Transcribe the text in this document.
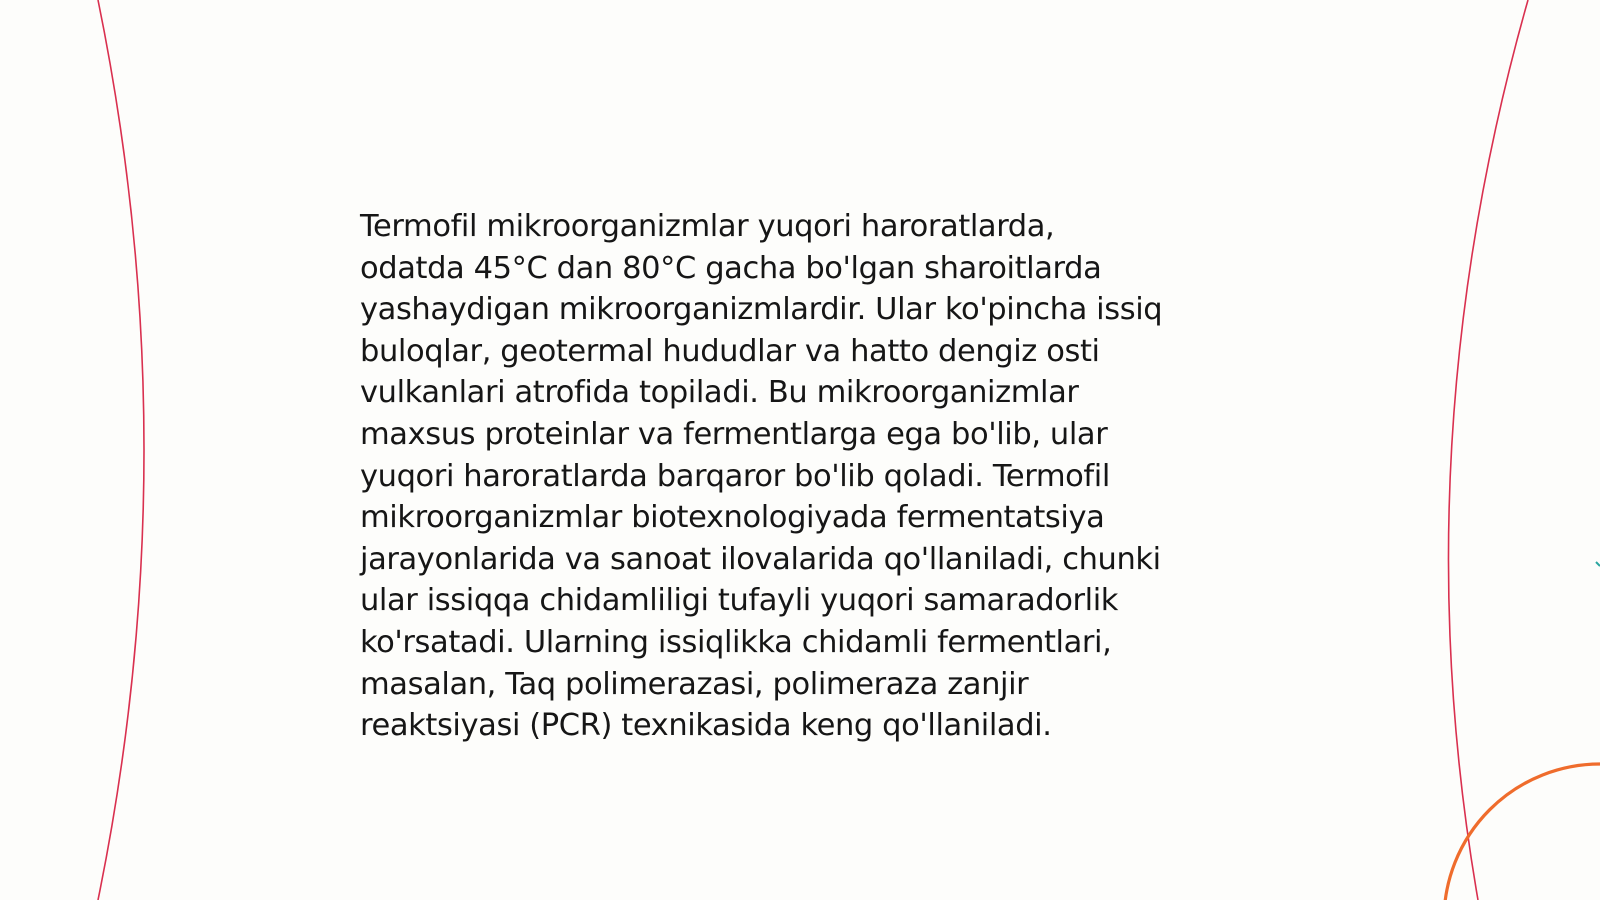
Termofil mikroorganizmlar yuqori haroratlarda,
odatda 45°C dan 80°C gacha bo'lgan sharoitlarda
yashaydigan mikroorganizmlardir. Ular ko'pincha issiq
buloqlar, geotermal hududlar va hatto dengiz osti
vulkanlari atrofida topiladi. Bu mikroorganizmlar
maxsus proteinlar va fermentlarga ega bo'lib, ular
yuqori haroratlarda barqaror bo'lib qoladi. Termofil
mikroorganizmlar biotexnologiyada fermentatsiya
jarayonlarida va sanoat ilovalarida qo'llaniladi, chunki
ular issiqqa chidamliligi tufayli yuqori samaradorlik
ko'rsatadi. Ularning issiqlikka chidamli fermentlari,
masalan, Taq polimerazasi, polimeraza zanjir
reaktsiyasi (PCR) texnikasida keng qo'llaniladi.
